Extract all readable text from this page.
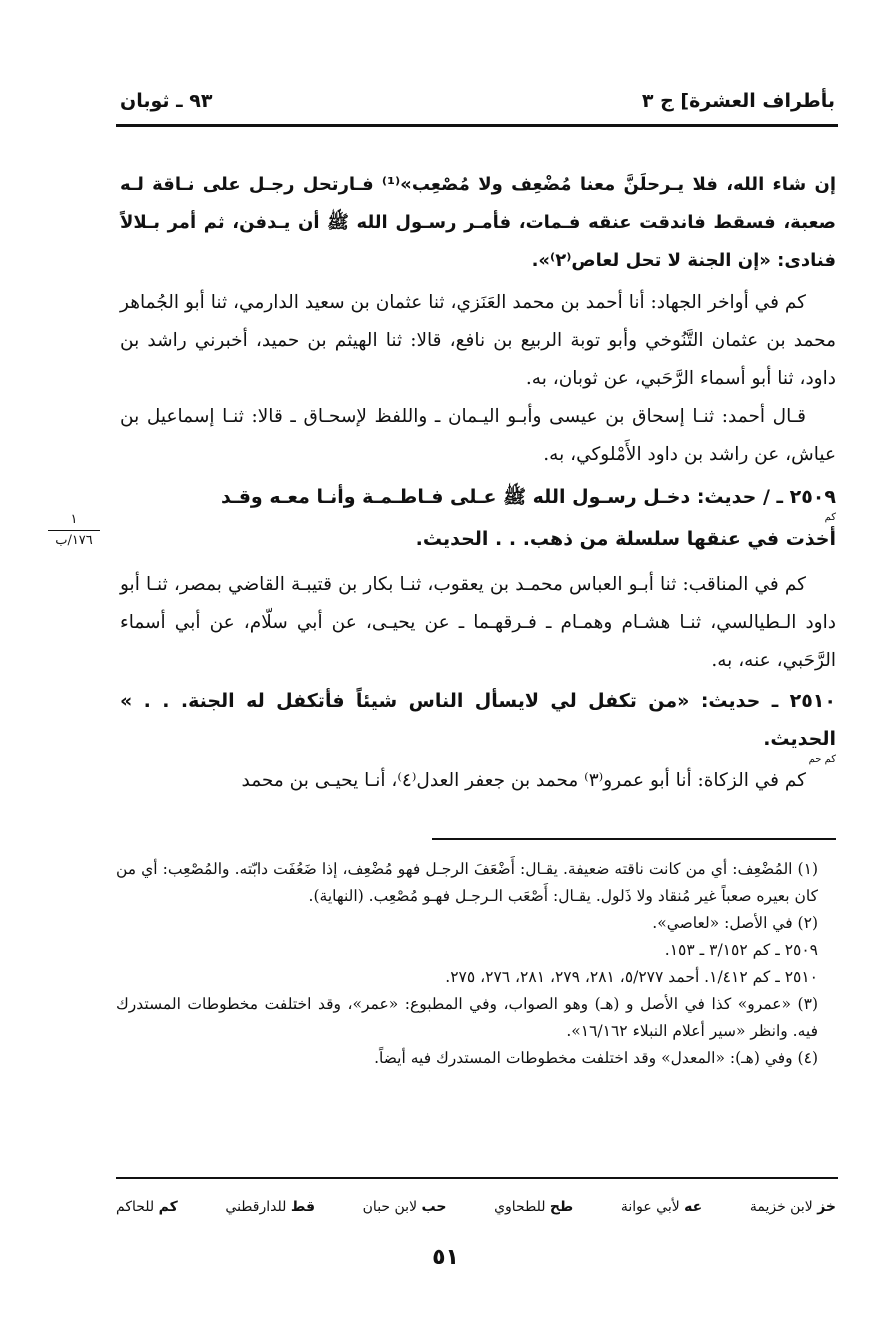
بأطراف العشرة] ج ٣
٩٣ ـ ثوبان

إن شاء الله، فلا يـرحلَنَّ معنا مُضْعِف ولا مُصْعِب»⁽¹⁾ فـارتحل رجـل على نـاقة لـه صعبة، فسقط فاندقت عنقه فـمات، فأمـر رسـول الله ﷺ أن يـدفن، ثم أمر بـلالاً فنادى: «إن الجنة لا تحل لعاص⁽٢⁾».

كم في أواخر الجهاد: أنا أحمد بن محمد العَنَزي، ثنا عثمان بن سعيد الدارمي، ثنا أبو الجُماهر محمد بن عثمان التَّنُوخي وأبو توبة الربيع بن نافع، قالا: ثنا الهيثم بن حميد، أخبرني راشد بن داود، ثنا أبو أسماء الرَّحَبي، عن ثوبان، به.

قـال أحمد: ثنـا إسحاق بن عيسى وأبـو اليـمان ـ واللفظ لإسحـاق ـ قالا: ثنـا إسماعيل بن عياش، عن راشد بن داود الأَمْلوكي، به.

٢٥٠٩ ـ / حديث: دخـل رسـول الله ﷺ عـلى فـاطـمـة وأنـا معـه وقـد

كم

أخذت في عنقها سلسلة من ذهب. . . الحديث.

كم في المناقب: ثنا أبـو العباس محمـد بن يعقوب، ثنـا بكار بن قتيبـة القاضي بمصر، ثنـا أبو داود الـطيالسي، ثنـا هشـام وهمـام ـ فـرقهـما ـ عن يحيـى، عن أبي سلّام، عن أبي أسماء الرَّحَبي، عنه، به.

٢٥١٠ ـ حديث: «من تكفل لي لايسأل الناس شيئاً فأتكفل له الجنة. . . » الحديث.

كم حم

كم في الزكاة: أنا أبو عمرو⁽٣⁾ محمد بن جعفر العدل⁽٤⁾، أنـا يحيـى بن محمد

١
١٧٦/ب

(١) المُضْعِف: أي من كانت ناقته ضعيفة. يقـال: أَضْعَفَ الرجـل فهو مُضْعِف، إذا ضَعُفَت دابّته. والمُصْعِب: أي من كان بعيره صعباً غير مُنقاد ولا ذَلول. يقـال: أَصْعَب الـرجـل فهـو مُصْعِب. (النهاية).

(٢) في الأصل: «لعاصي».

٢٥٠٩ ـ كم ٣/١٥٢ ـ ١٥٣.

٢٥١٠ ـ كم ١/٤١٢. أحمد ٥/٢٧٧، ٢٨١، ٢٧٩، ٢٨١، ٢٧٦، ٢٧٥.

(٣) «عمرو» كذا في الأصل و (هـ) وهو الصواب، وفي المطبوع: «عمر»، وقد اختلفت مخطوطات المستدرك فيه. وانظر «سير أعلام النبلاء ١٦/١٦٢».

(٤) وفي (هـ): «المعدل» وقد اختلفت مخطوطات المستدرك فيه أيضاً.

خز لابن خزيمة
عه لأبي عوانة
طح للطحاوي
حب لابن حبان
قط للدارقطني
كم للحاكم
٥١
